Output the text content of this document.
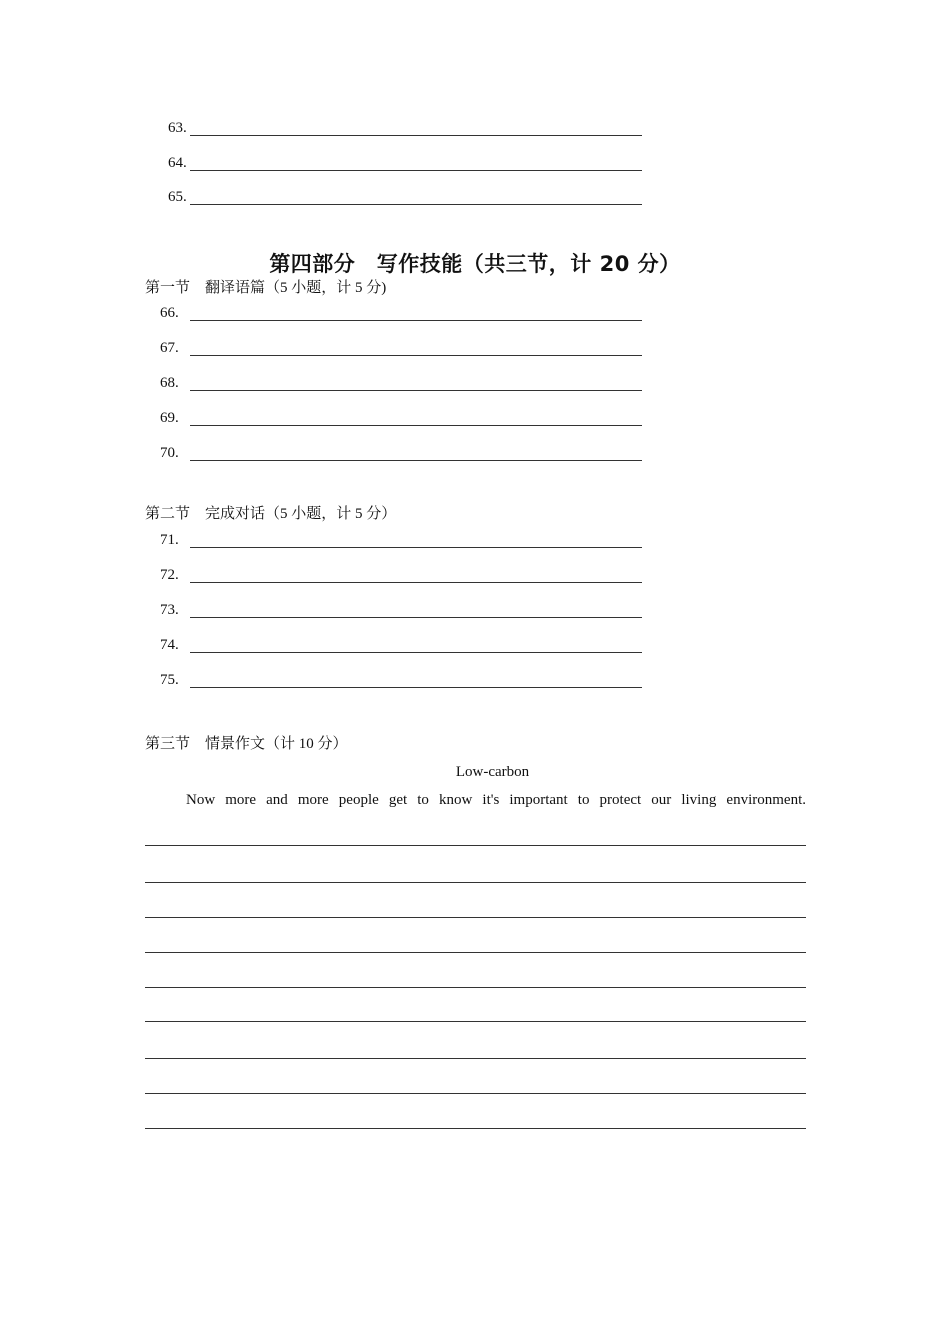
63.
64.
65.
第四部分　写作技能（共三节，计 20 分）
第一节　翻译语篇（5 小题，计 5 分)
66.
67.
68.
69.
70.
第二节　完成对话（5 小题，计 5 分）
71.
72.
73.
74.
75.
第三节　情景作文（计 10 分）
Low-carbon
Now more and more people get to know it's important to protect our living environment.
